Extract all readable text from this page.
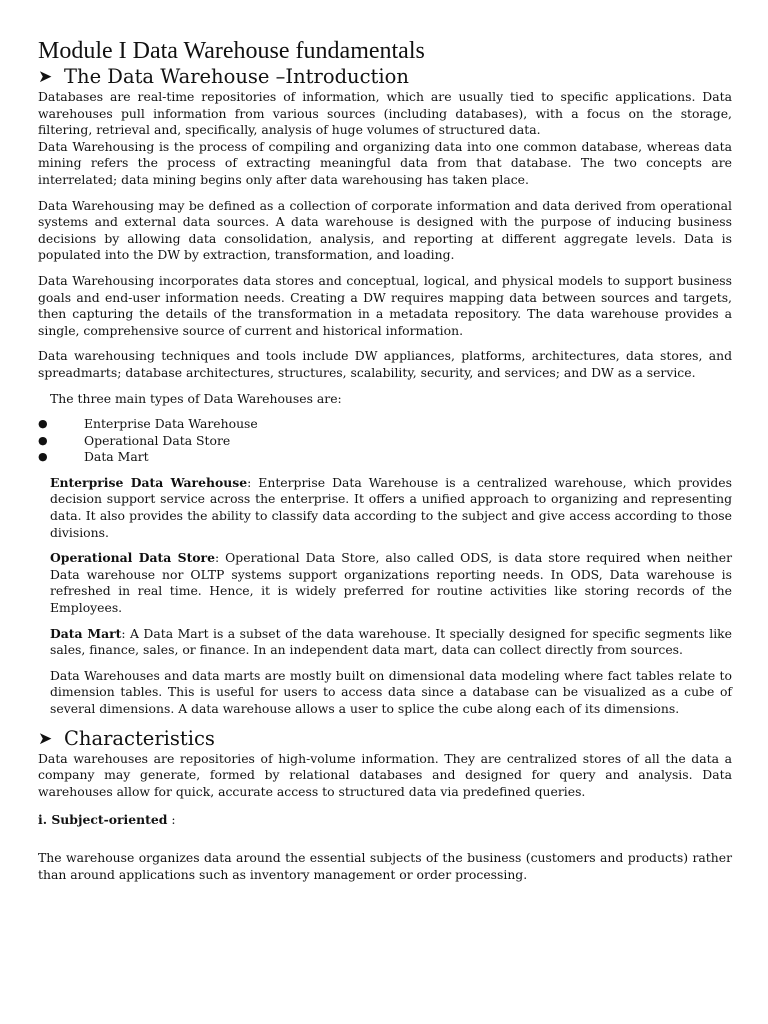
Module I Data Warehouse fundamentals
➤ The Data Warehouse –Introduction

Databases are real-time repositories of information, which are usually tied to specific applications. Data warehouses pull information from various sources (including databases), with a focus on the storage, filtering, retrieval and, specifically, analysis of huge volumes of structured data.

Data Warehousing is the process of compiling and organizing data into one common database, whereas data mining refers the process of extracting meaningful data from that database. The two concepts are interrelated; data mining begins only after data warehousing has taken place.

Data Warehousing may be defined as a collection of corporate information and data derived from operational systems and external data sources. A data warehouse is designed with the purpose of inducing business decisions by allowing data consolidation, analysis, and reporting at different aggregate levels. Data is populated into the DW by extraction, transformation, and loading.

Data Warehousing incorporates data stores and conceptual, logical, and physical models to support business goals and end-user information needs. Creating a DW requires mapping data between sources and targets, then capturing the details of the transformation in a metadata repository. The data warehouse provides a single, comprehensive source of current and historical information.

Data warehousing techniques and tools include DW appliances, platforms, architectures, data stores, and spreadmarts; database architectures, structures, scalability, security, and services; and DW as a service.

The three main types of Data Warehouses are:

●	Enterprise Data Warehouse
●	Operational Data Store
●	Data Mart

Enterprise Data Warehouse: Enterprise Data Warehouse is a centralized warehouse, which provides decision support service across the enterprise. It offers a unified approach to organizing and representing data. It also provides the ability to classify data according to the subject and give access according to those divisions.

Operational Data Store: Operational Data Store, also called ODS, is data store required when neither Data warehouse nor OLTP systems support organizations reporting needs. In ODS, Data warehouse is refreshed in real time. Hence, it is widely preferred for routine activities like storing records of the Employees.

Data Mart: A Data Mart is a subset of the data warehouse. It specially designed for specific segments like sales, finance, sales, or finance. In an independent data mart, data can collect directly from sources.

Data Warehouses and data marts are mostly built on dimensional data modeling where fact tables relate to dimension tables. This is useful for users to access data since a database can be visualized as a cube of several dimensions. A data warehouse allows a user to splice the cube along each of its dimensions.

➤ Characteristics

Data warehouses are repositories of high-volume information. They are centralized stores of all the data a company may generate, formed by relational databases and designed for query and analysis. Data warehouses allow for quick, accurate access to structured data via predefined queries.

i. Subject-oriented :

The warehouse organizes data around the essential subjects of the business (customers and products) rather than around applications such as inventory management or order processing.
